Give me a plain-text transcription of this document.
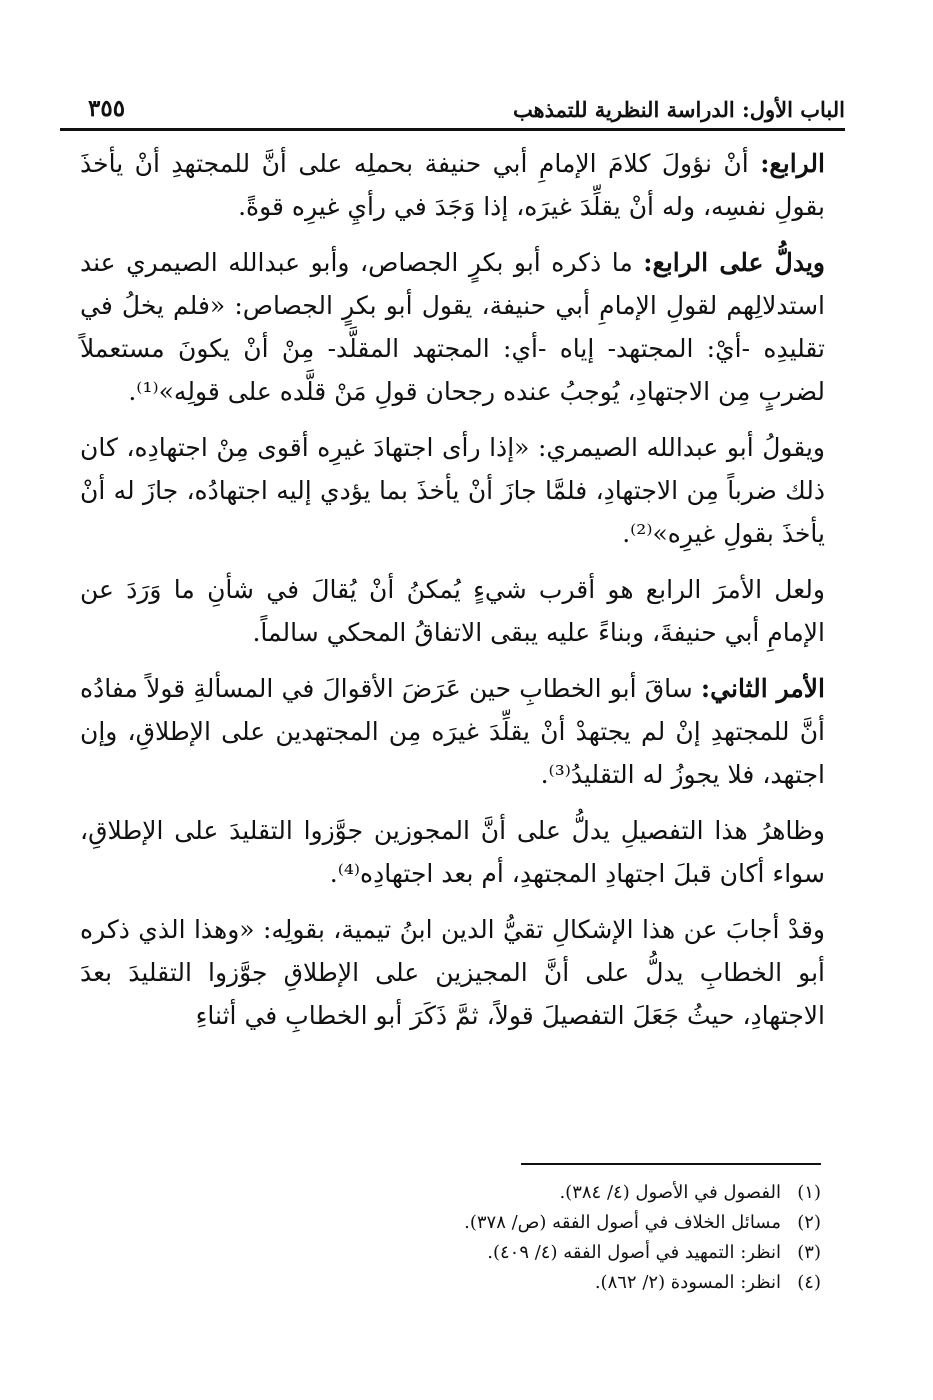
الباب الأول: الدراسة النظرية للتمذهب
٣٥٥

الرابع: أنْ نؤولَ كلامَ الإمامِ أبي حنيفة بحملِه على أنَّ للمجتهدِ أنْ يأخذَ بقولِ نفسِه، وله أنْ يقلِّدَ غيرَه، إذا وَجَدَ في رأيِ غيرِه قوةً.

ويدلُّ على الرابع: ما ذكره أبو بكرٍ الجصاص، وأبو عبدالله الصيمري عند استدلالِهم لقولِ الإمامِ أبي حنيفة، يقول أبو بكرٍ الجصاص: «فلم يخلُ في تقليدِه -أيْ: المجتهد- إياه -أي: المجتهد المقلَّد- مِنْ أنْ يكونَ مستعملاً لضربٍ مِن الاجتهادِ، يُوجبُ عنده رجحان قولِ مَنْ قلَّده على قولِه»⁽¹⁾.

ويقولُ أبو عبدالله الصيمري: «إذا رأى اجتهادَ غيرِه أقوى مِنْ اجتهادِه، كان ذلك ضرباً مِن الاجتهادِ، فلمَّا جازَ أنْ يأخذَ بما يؤدي إليه اجتهادُه، جازَ له أنْ يأخذَ بقولِ غيرِه»⁽²⁾.

ولعل الأمرَ الرابع هو أقرب شيءٍ يُمكنُ أنْ يُقالَ في شأنِ ما وَرَدَ عن الإمامِ أبي حنيفةَ، وبناءً عليه يبقى الاتفاقُ المحكي سالماً.

الأمر الثاني: ساقَ أبو الخطابِ حين عَرَضَ الأقوالَ في المسألةِ قولاً مفادُه أنَّ للمجتهدِ إنْ لم يجتهدْ أنْ يقلِّدَ غيرَه مِن المجتهدين على الإطلاقِ، وإن اجتهد، فلا يجوزُ له التقليدُ⁽³⁾.

وظاهرُ هذا التفصيلِ يدلُّ على أنَّ المجوزين جوَّزوا التقليدَ على الإطلاقِ، سواء أكان قبلَ اجتهادِ المجتهدِ، أم بعد اجتهادِه⁽⁴⁾.

وقدْ أجابَ عن هذا الإشكالِ تقيُّ الدين ابنُ تيمية، بقولِه: «وهذا الذي ذكره أبو الخطابِ يدلُّ على أنَّ المجيزين على الإطلاقِ جوَّزوا التقليدَ بعدَ الاجتهادِ، حيثُ جَعَلَ التفصيلَ قولاً، ثمَّ ذَكَرَ أبو الخطابِ في أثناءِ

(١)الفصول في الأصول (٤/ ٣٨٤).
(٢)مسائل الخلاف في أصول الفقه (ص/ ٣٧٨).
(٣)انظر: التمهيد في أصول الفقه (٤/ ٤٠٩).
(٤)انظر: المسودة (٢/ ٨٦٢).
